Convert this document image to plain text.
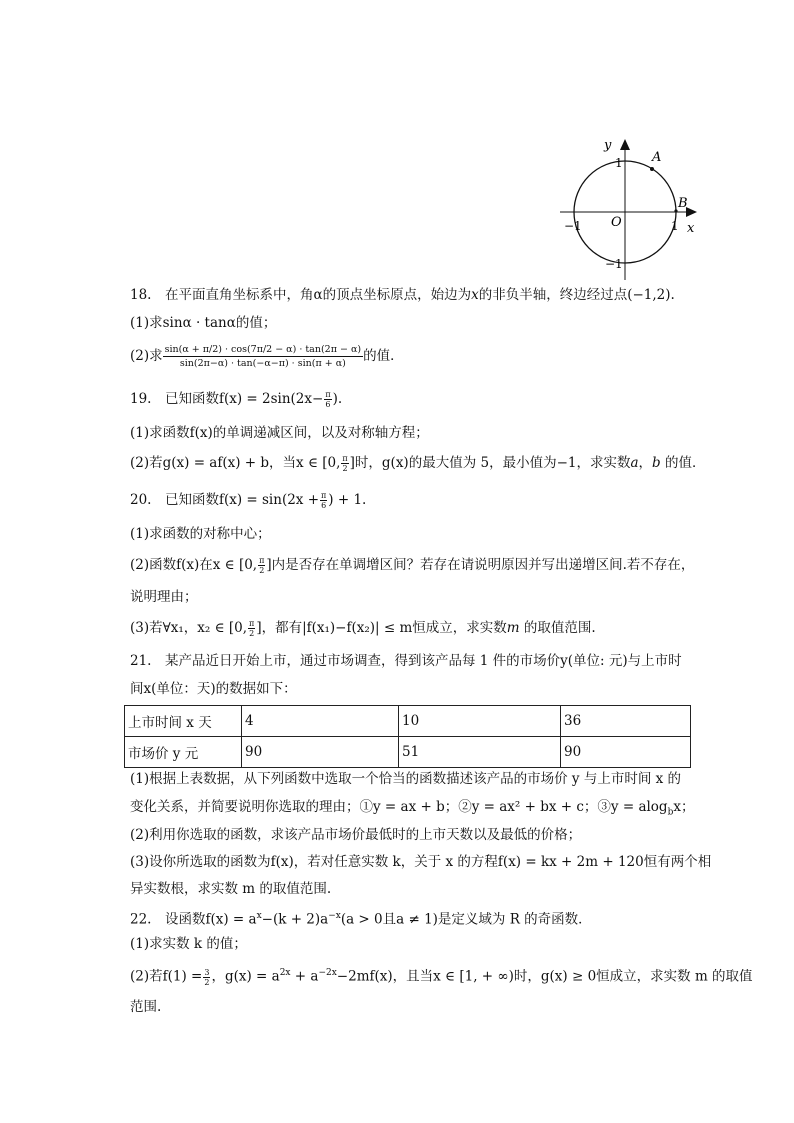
y
A
B
O	x
1
−1
−1	1
18.　在平面直角坐标系中，角α的顶点坐标原点，始边为x的非负半轴，终边经过点(−1,2).
(1)求sinα · tanα的值；
(2)求 $\frac{\sin(\alpha + \pi/2) \cdot \cos(7\pi/2 - \alpha) \cdot \tan(2\pi - \alpha)}{\sin(2\pi-\alpha) \cdot \tan(-\alpha-\pi) \cdot \sin(\pi + \alpha)}$ 的值．
19.　已知函数$f(x) = 2\sin(2x- \frac{\pi}{6}$ ).
(1)求函数f(x)的单调递减区间，以及对称轴方程；
(2)若g(x) = af(x) + b，当x ∈ [0, $\frac{\pi}{2}$ ]时，g(x)的最大值为 5，最小值为−1，求实数a，b 的值．
20.　已知函数$f(x) = \sin(2x + \frac{\pi}{6}$ ) + 1.
(1)求函数的对称中心；
(2)函数f(x)在x ∈ [0, $\frac{\pi}{2}$ ]内是否存在单调增区间？若存在请说明原因并写出递增区间.若不存在，
说明理由；
(3)若∀x₁，x₂ ∈ [0, $\frac{\pi}{2}$ ]，都有|f(x₁)−f(x₂)| ≤ m恒成立，求实数m 的取值范围.
21.　某产品近日开始上市，通过市场调查，得到该产品每 1 件的市场价y(单位: 元)与上市时
间x(单位：天)的数据如下：
上市时间 x 天	4	10	36
市场价 y 元	90	51	90
(1)根据上表数据，从下列函数中选取一个恰当的函数描述该产品的市场价 y 与上市时间 x 的
变化关系，并简要说明你选取的理由；①y = ax + b；②y = ax² + bx + c；③y = alog$_b$x；
(2)利用你选取的函数，求该产品市场价最低时的上市天数以及最低的价格；
(3)设你所选取的函数为f(x)，若对任意实数 k，关于 x 的方程f(x) = kx + 2m + 120恒有两个相
异实数根，求实数 m 的取值范围.
22.　设函数$f(x) = a^x-(k + 2)a^{-x}(a > 0$且a ≠ 1)是定义域为 R 的奇函数．
(1)求实数 k 的值；
(2)若$f(1) = \frac{3}{2}$ ，$g(x) = a^{2x} + a^{-2x}-2mf(x)$，且当x ∈ [1, + ∞)时，g(x) ≥ 0恒成立，求实数 m 的取值
范围.
